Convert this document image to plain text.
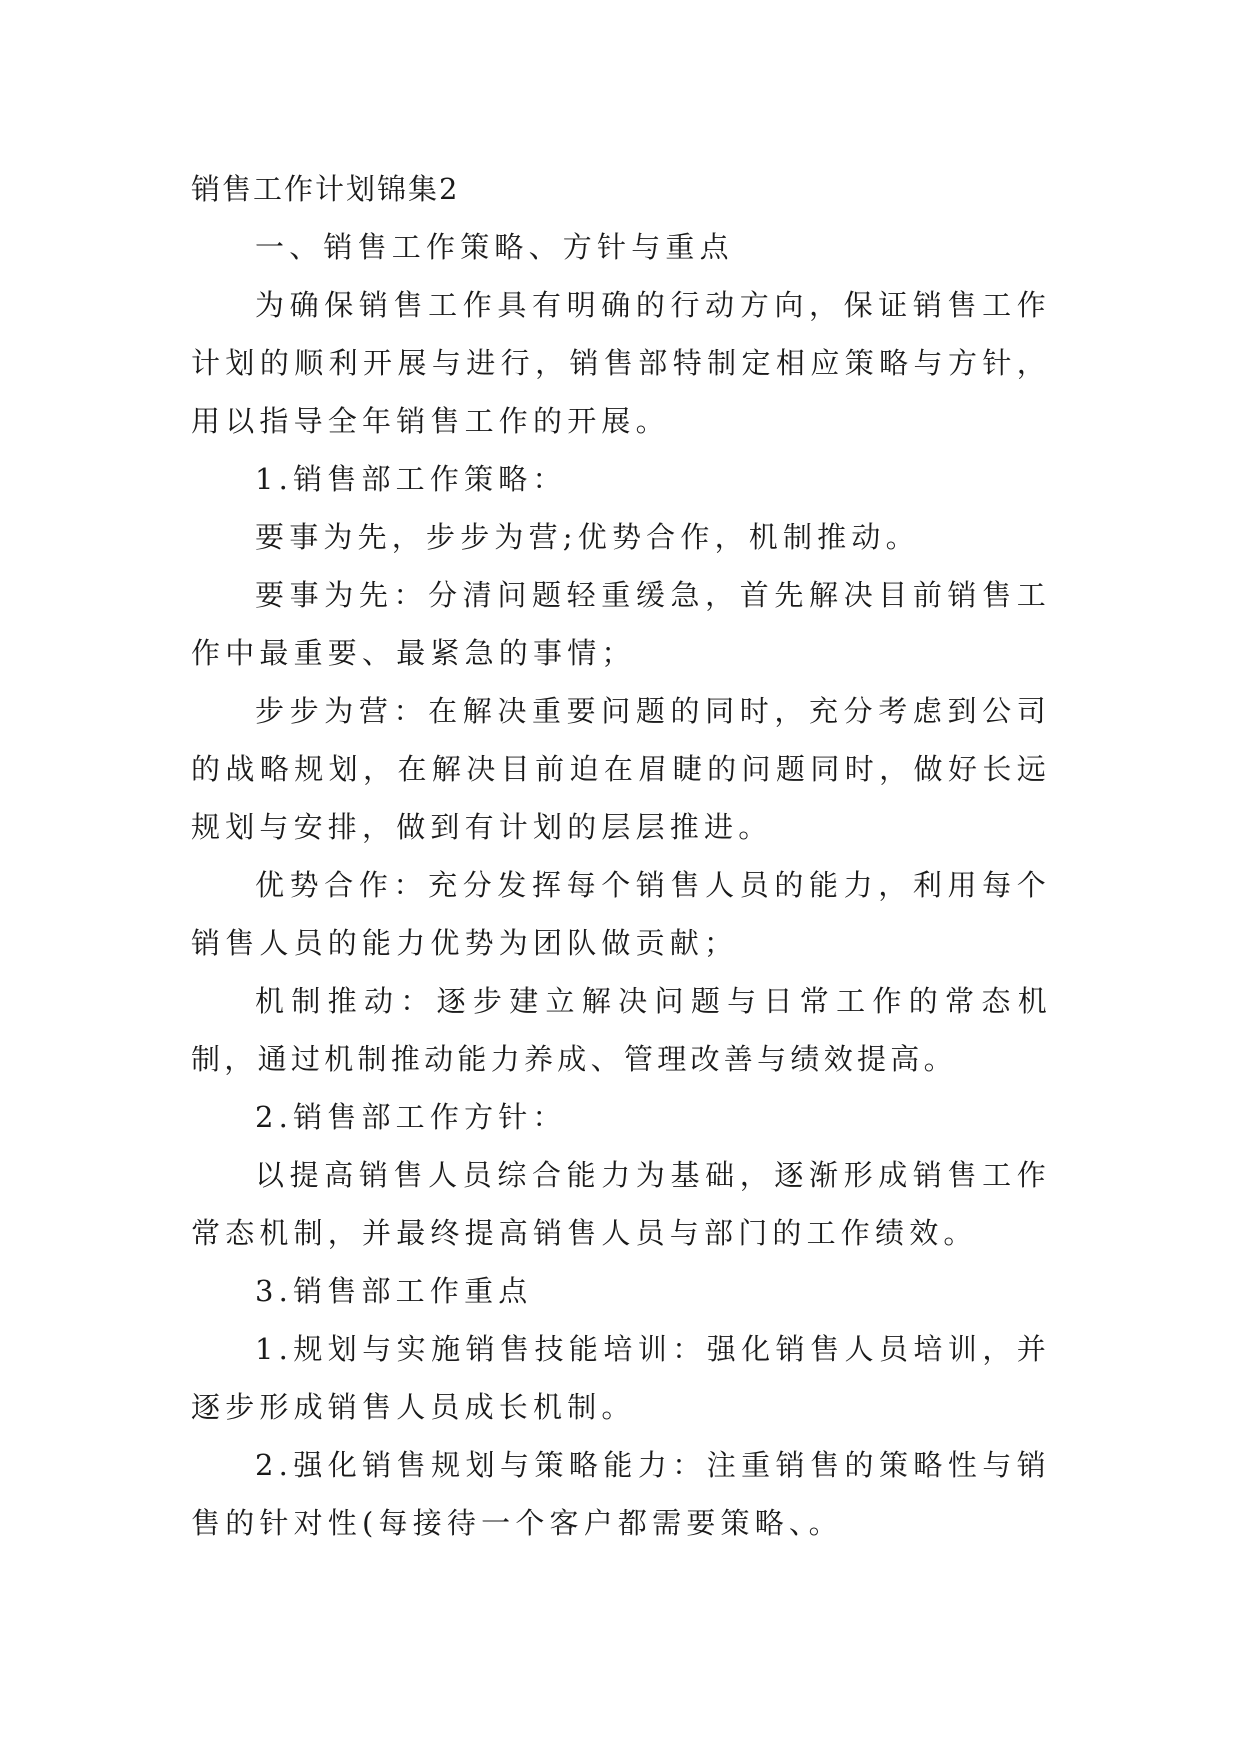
销售工作计划锦集2

一、销售工作策略、方针与重点

为确保销售工作具有明确的行动方向，保证销售工作计划的顺利开展与进行，销售部特制定相应策略与方针，用以指导全年销售工作的开展。

1.销售部工作策略：

要事为先，步步为营;优势合作，机制推动。

要事为先：分清问题轻重缓急，首先解决目前销售工作中最重要、最紧急的事情；

步步为营：在解决重要问题的同时，充分考虑到公司的战略规划，在解决目前迫在眉睫的问题同时，做好长远规划与安排，做到有计划的层层推进。

优势合作：充分发挥每个销售人员的能力，利用每个销售人员的能力优势为团队做贡献；

机制推动：逐步建立解决问题与日常工作的常态机制，通过机制推动能力养成、管理改善与绩效提高。

2.销售部工作方针：

以提高销售人员综合能力为基础，逐渐形成销售工作常态机制，并最终提高销售人员与部门的工作绩效。

3.销售部工作重点

1.规划与实施销售技能培训：强化销售人员培训，并逐步形成销售人员成长机制。

2.强化销售规划与策略能力：注重销售的策略性与销售的针对性(每接待一个客户都需要策略、。
